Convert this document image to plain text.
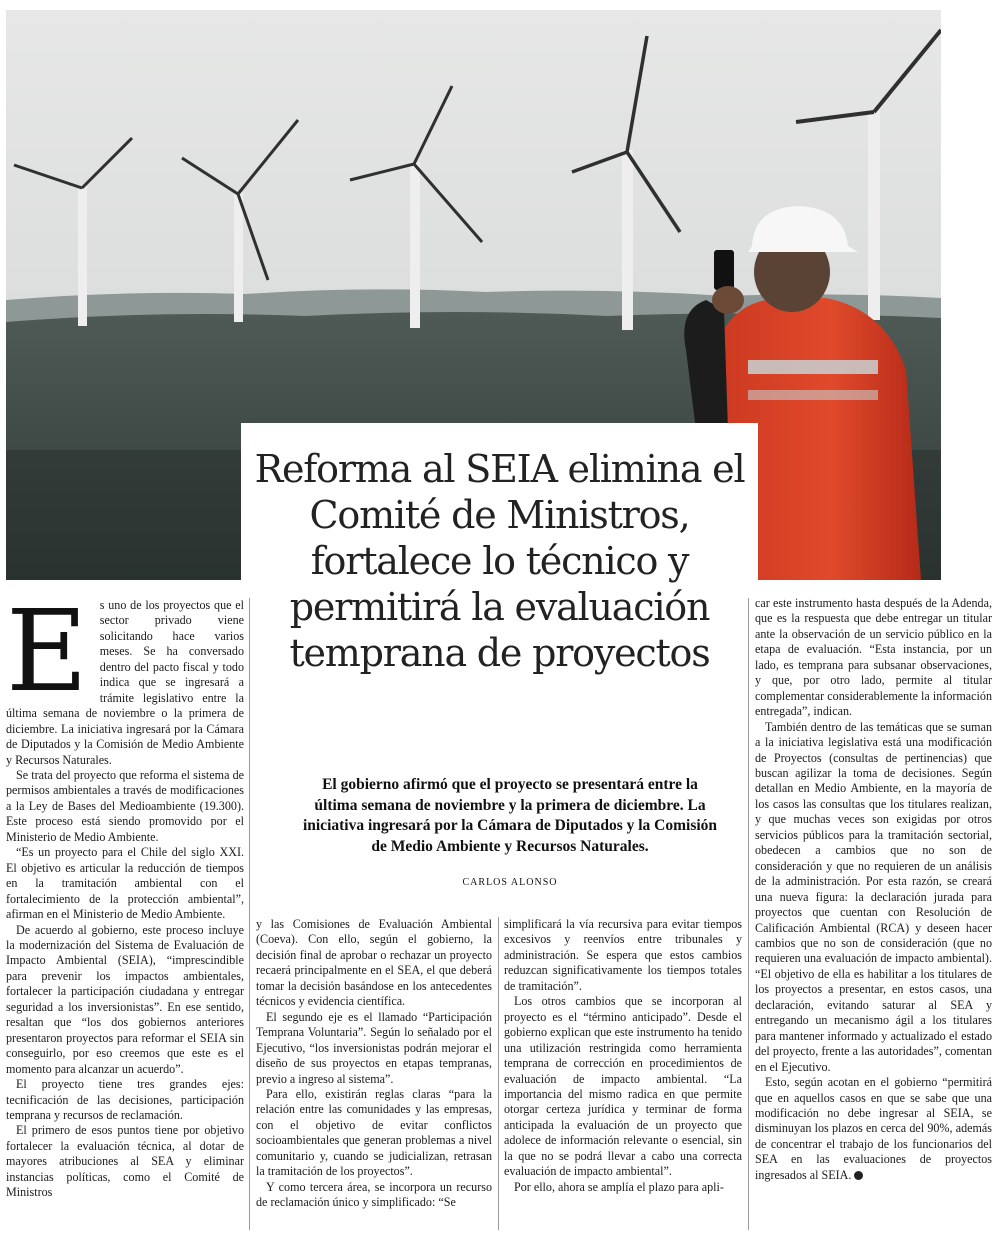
Reforma al SEIA elimina el Comité de Ministros, fortalece lo técnico y permitirá la evaluación temprana de proyectos
El gobierno afirmó que el proyecto se presentará entre la última semana de noviembre y la primera de diciembre. La iniciativa ingresará por la Cámara de Diputados y la Comisión de Medio Ambiente y Recursos Naturales.
CARLOS ALONSO

Es uno de los proyectos que el sector privado viene solicitando hace varios meses. Se ha conversado dentro del pacto fiscal y todo indica que se ingresará a trámite legislativo entre la última semana de noviembre o la primera de diciembre. La iniciativa ingresará por la Cámara de Diputados y la Comisión de Medio Ambiente y Recursos Naturales.

Se trata del proyecto que reforma el sistema de permisos ambientales a través de modificaciones a la Ley de Bases del Medioambiente (19.300). Este proceso está siendo promovido por el Ministerio de Medio Ambiente.

“Es un proyecto para el Chile del siglo XXI. El objetivo es articular la reducción de tiempos en la tramitación ambiental con el fortalecimiento de la protección ambiental”, afirman en el Ministerio de Medio Ambiente.

De acuerdo al gobierno, este proceso incluye la modernización del Sistema de Evaluación de Impacto Ambiental (SEIA), “imprescindible para prevenir los impactos ambientales, fortalecer la participación ciudadana y entregar seguridad a los inversionistas”. En ese sentido, resaltan que “los dos gobiernos anteriores presentaron proyectos para reformar el SEIA sin conseguirlo, por eso creemos que este es el momento para alcanzar un acuerdo”.

El proyecto tiene tres grandes ejes: tecnificación de las decisiones, participación temprana y recursos de reclamación.

El primero de esos puntos tiene por objetivo fortalecer la evaluación técnica, al dotar de mayores atribuciones al SEA y eliminar instancias políticas, como el Comité de Ministros

y las Comisiones de Evaluación Ambiental (Coeva). Con ello, según el gobierno, la decisión final de aprobar o rechazar un proyecto recaerá principalmente en el SEA, el que deberá tomar la decisión basándose en los antecedentes técnicos y evidencia científica.

El segundo eje es el llamado “Participación Temprana Voluntaria”. Según lo señalado por el Ejecutivo, “los inversionistas podrán mejorar el diseño de sus proyectos en etapas tempranas, previo a ingreso al sistema”.

Para ello, existirán reglas claras “para la relación entre las comunidades y las empresas, con el objetivo de evitar conflictos socioambientales que generan problemas a nivel comunitario y, cuando se judicializan, retrasan la tramitación de los proyectos”.

Y como tercera área, se incorpora un recurso de reclamación único y simplificado: “Se

simplificará la vía recursiva para evitar tiempos excesivos y reenvíos entre tribunales y administración. Se espera que estos cambios reduzcan significativamente los tiempos totales de tramitación”.

Los otros cambios que se incorporan al proyecto es el “término anticipado”. Desde el gobierno explican que este instrumento ha tenido una utilización restringida como herramienta temprana de corrección en procedimientos de evaluación de impacto ambiental. “La importancia del mismo radica en que permite otorgar certeza jurídica y terminar de forma anticipada la evaluación de un proyecto que adolece de información relevante o esencial, sin la que no se podrá llevar a cabo una correcta evaluación de impacto ambiental”.

Por ello, ahora se amplía el plazo para apli-

car este instrumento hasta después de la Adenda, que es la respuesta que debe entregar un titular ante la observación de un servicio público en la etapa de evaluación. “Esta instancia, por un lado, es temprana para subsanar observaciones, y que, por otro lado, permite al titular complementar considerablemente la información entregada”, indican.

También dentro de las temáticas que se suman a la iniciativa legislativa está una modificación de Proyectos (consultas de pertinencias) que buscan agilizar la toma de decisiones. Según detallan en Medio Ambiente, en la mayoría de los casos las consultas que los titulares realizan, y que muchas veces son exigidas por otros servicios públicos para la tramitación sectorial, obedecen a cambios que no son de consideración y que no requieren de un análisis de la administración. Por esta razón, se creará una nueva figura: la declaración jurada para proyectos que cuentan con Resolución de Calificación Ambiental (RCA) y deseen hacer cambios que no son de consideración (que no requieren una evaluación de impacto ambiental). “El objetivo de ella es habilitar a los titulares de los proyectos a presentar, en estos casos, una declaración, evitando saturar al SEA y entregando un mecanismo ágil a los titulares para mantener informado y actualizado el estado del proyecto, frente a las autoridades”, comentan en el Ejecutivo.

Esto, según acotan en el gobierno “permitirá que en aquellos casos en que se sabe que una modificación no debe ingresar al SEIA, se disminuyan los plazos en cerca del 90%, además de concentrar el trabajo de los funcionarios del SEA en las evaluaciones de proyectos ingresados al SEIA.
